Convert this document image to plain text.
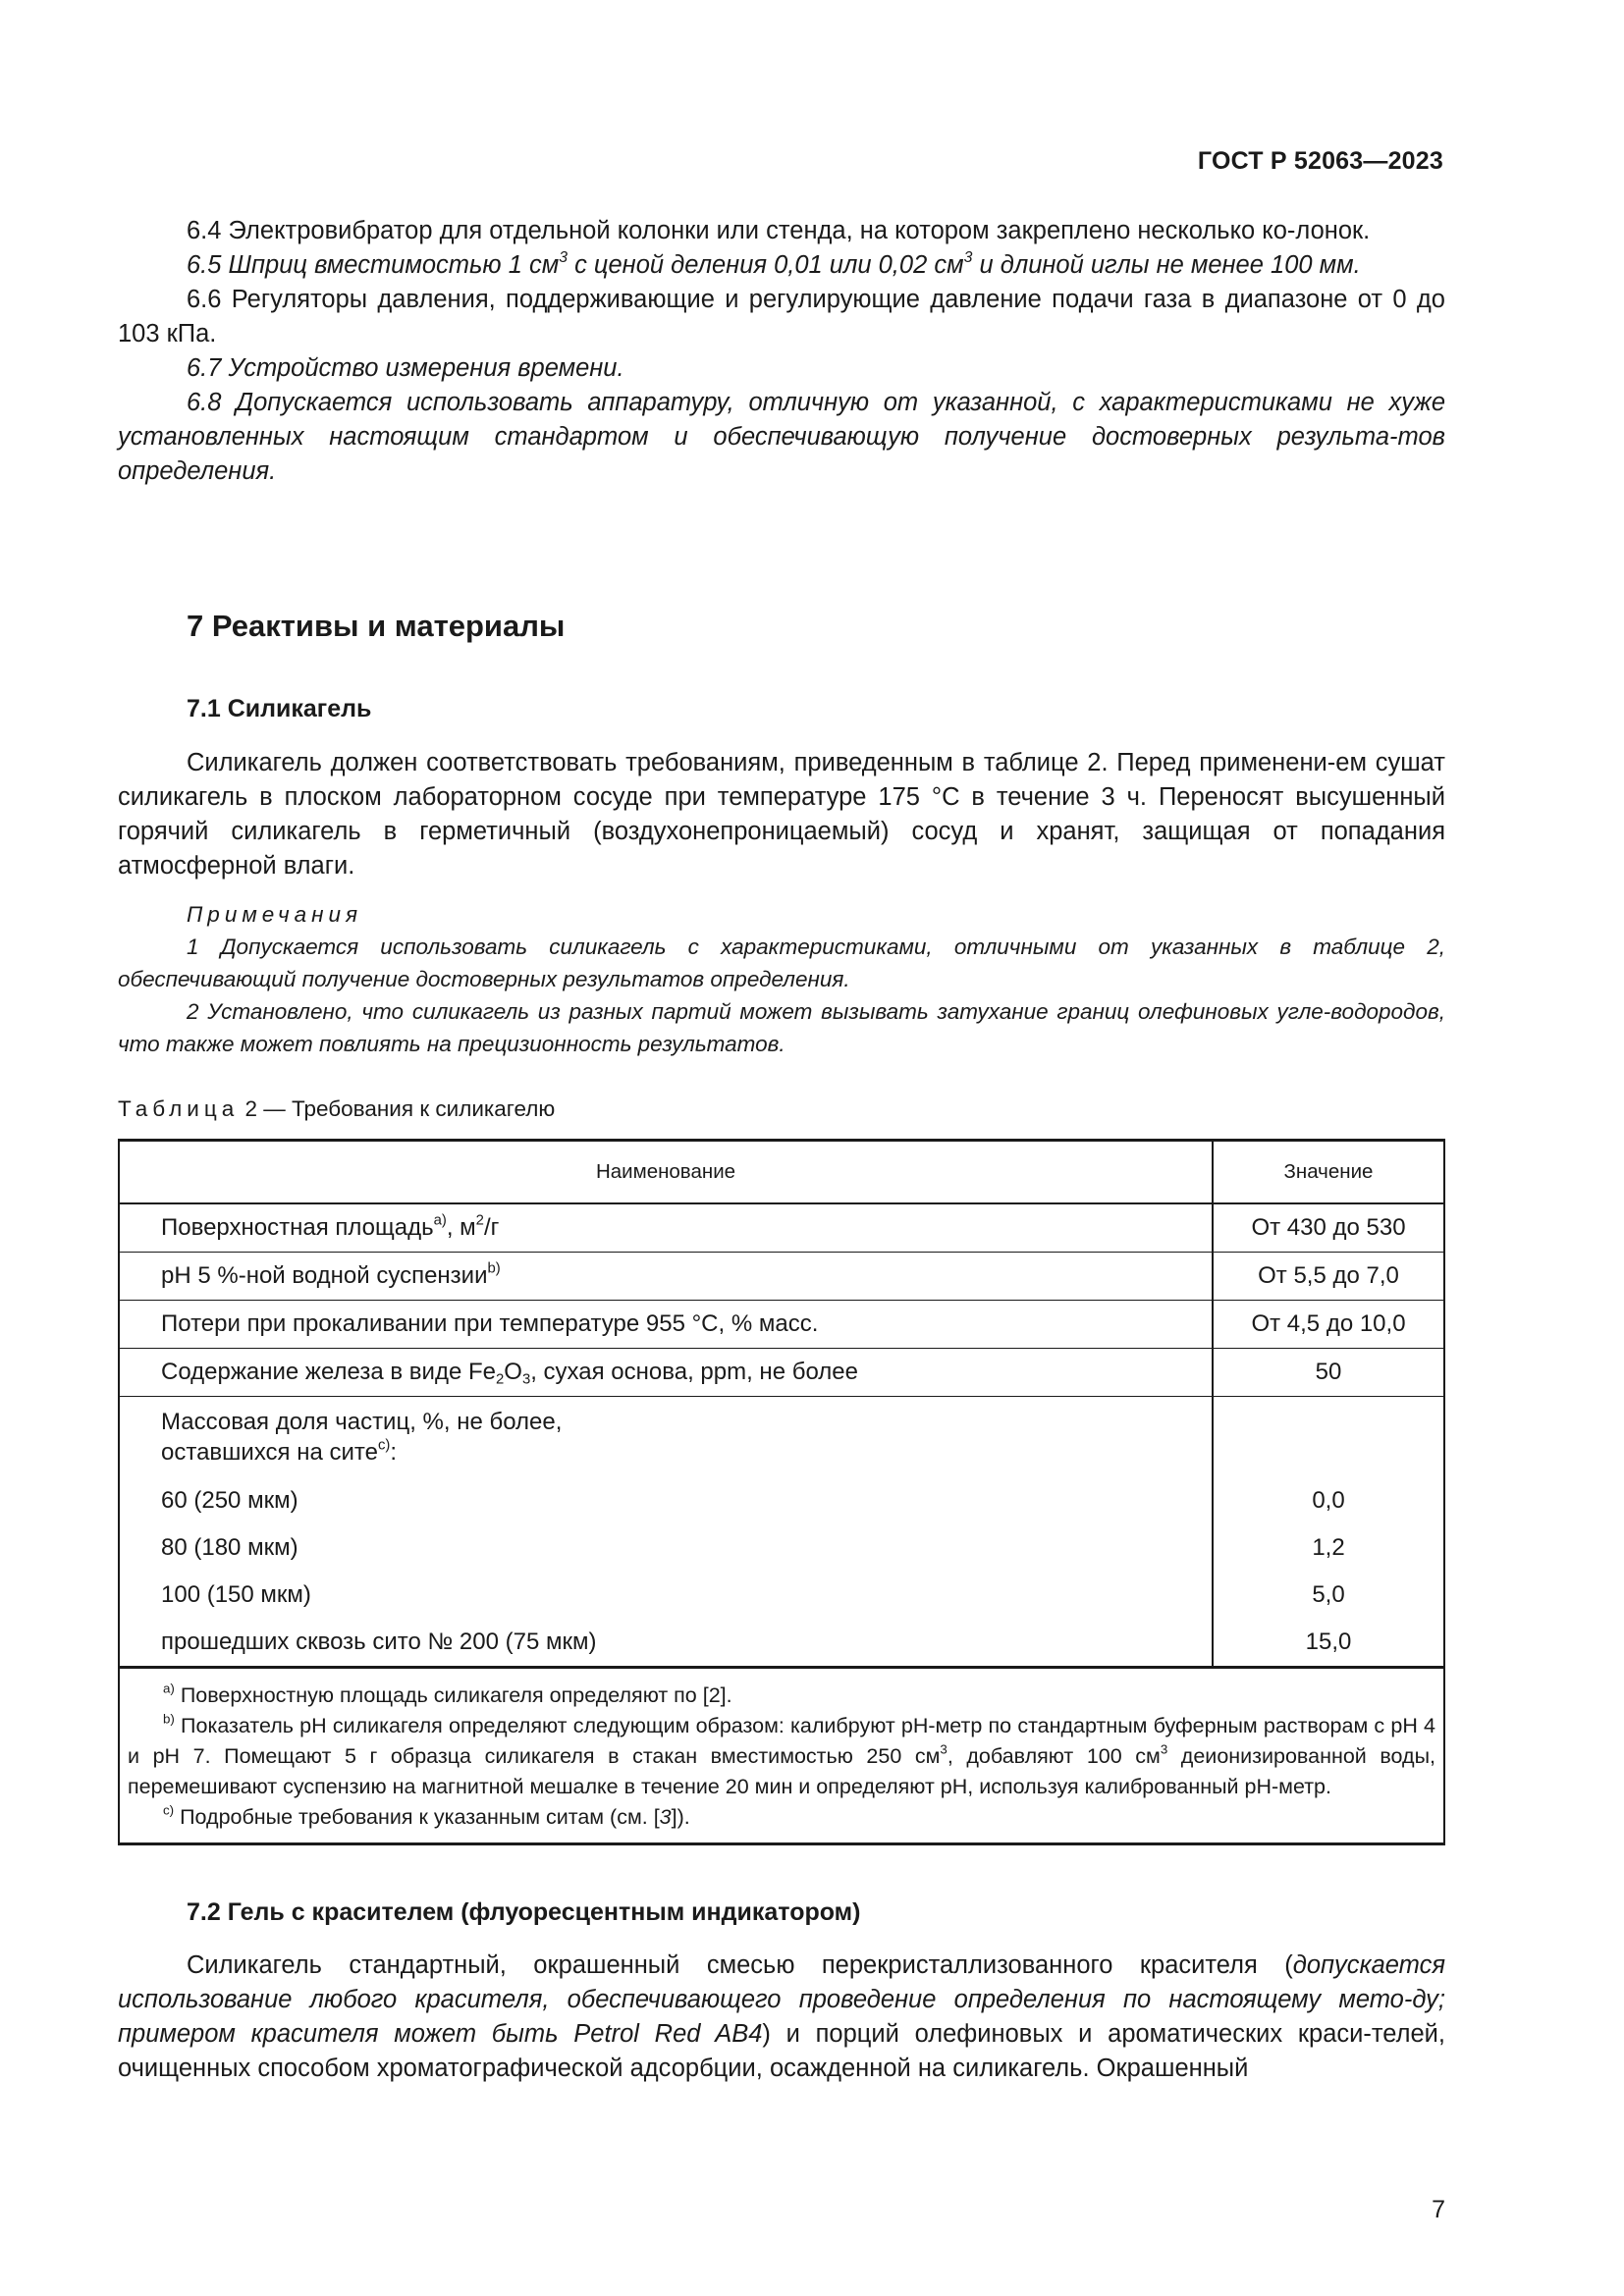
ГОСТ Р 52063—2023

6.4 Электровибратор для отдельной колонки или стенда, на котором закреплено несколько ко-лонок.

6.5 Шприц вместимостью 1 $см^3$ с ценой деления 0,01 или 0,02 $см^3$ и длиной иглы не менее 100 мм.

6.6 Регуляторы давления, поддерживающие и регулирующие давление подачи газа в диапазоне от 0 до 103 кПа.

6.7 Устройство измерения времени.

6.8 Допускается использовать аппаратуру, отличную от указанной, с характеристиками не хуже установленных настоящим стандартом и обеспечивающую получение достоверных результа-тов определения.

7 Реактивы и материалы
7.1 Силикагель

Силикагель должен соответствовать требованиям, приведенным в таблице 2. Перед применени-ем сушат силикагель в плоском лабораторном сосуде при температуре 175 °С в течение 3 ч. Переносят высушенный горячий силикагель в герметичный (воздухонепроницаемый) сосуд и хранят, защищая от попадания атмосферной влаги.

Примечания

1 Допускается использовать силикагель с характеристиками, отличными от указанных в таблице 2, обеспечивающий получение достоверных результатов определения.

2 Установлено, что силикагель из разных партий может вызывать затухание границ олефиновых угле-водородов, что также может повлиять на прецизионность результатов.

Таблица 2 — Требования к силикагелю
Наименование	Значение
Поверхностная площадь$^{a)}$, $м^2/г$	От 430 до 530
pH 5 %-ной водной суспензии$^{b)}$	От 5,5 до 7,0
Потери при прокаливании при температуре 955 °С, % масс.	От 4,5 до 10,0
Содержание железа в виде $Fe_2O_3$, сухая основа, ppm, не более	50
Массовая доля частиц, %, не более,
оставшихся на сите$^{c)}$:	
60 (250 мкм)	0,0
80 (180 мкм)	1,2
100 (150 мкм)	5,0
прошедших сквозь сито № 200 (75 мкм)	15,0

$^{a)}$ Поверхностную площадь силикагеля определяют по [2].

$^{b)}$ Показатель pH силикагеля определяют следующим образом: калибруют pH-метр по стандартным буферным растворам с pH 4 и pH 7. Помещают 5 г образца силикагеля в стакан вместимостью 250 $см^3$, добавляют 100 $см^3$ деионизированной воды, перемешивают суспензию на магнитной мешалке в течение 20 мин и определяют pH, используя калиброванный pH-метр.

$^{c)}$ Подробные требования к указанным ситам (см. [3]).	

7.2 Гель с красителем (флуоресцентным индикатором)

Силикагель стандартный, окрашенный смесью перекристаллизованного красителя (допускается использование любого красителя, обеспечивающего проведение определения по настоящему мето-ду; примером красителя может быть Petrol Red AB4) и порций олефиновых и ароматических краси-телей, очищенных способом хроматографической адсорбции, осажденной на силикагель. Окрашенный

7
